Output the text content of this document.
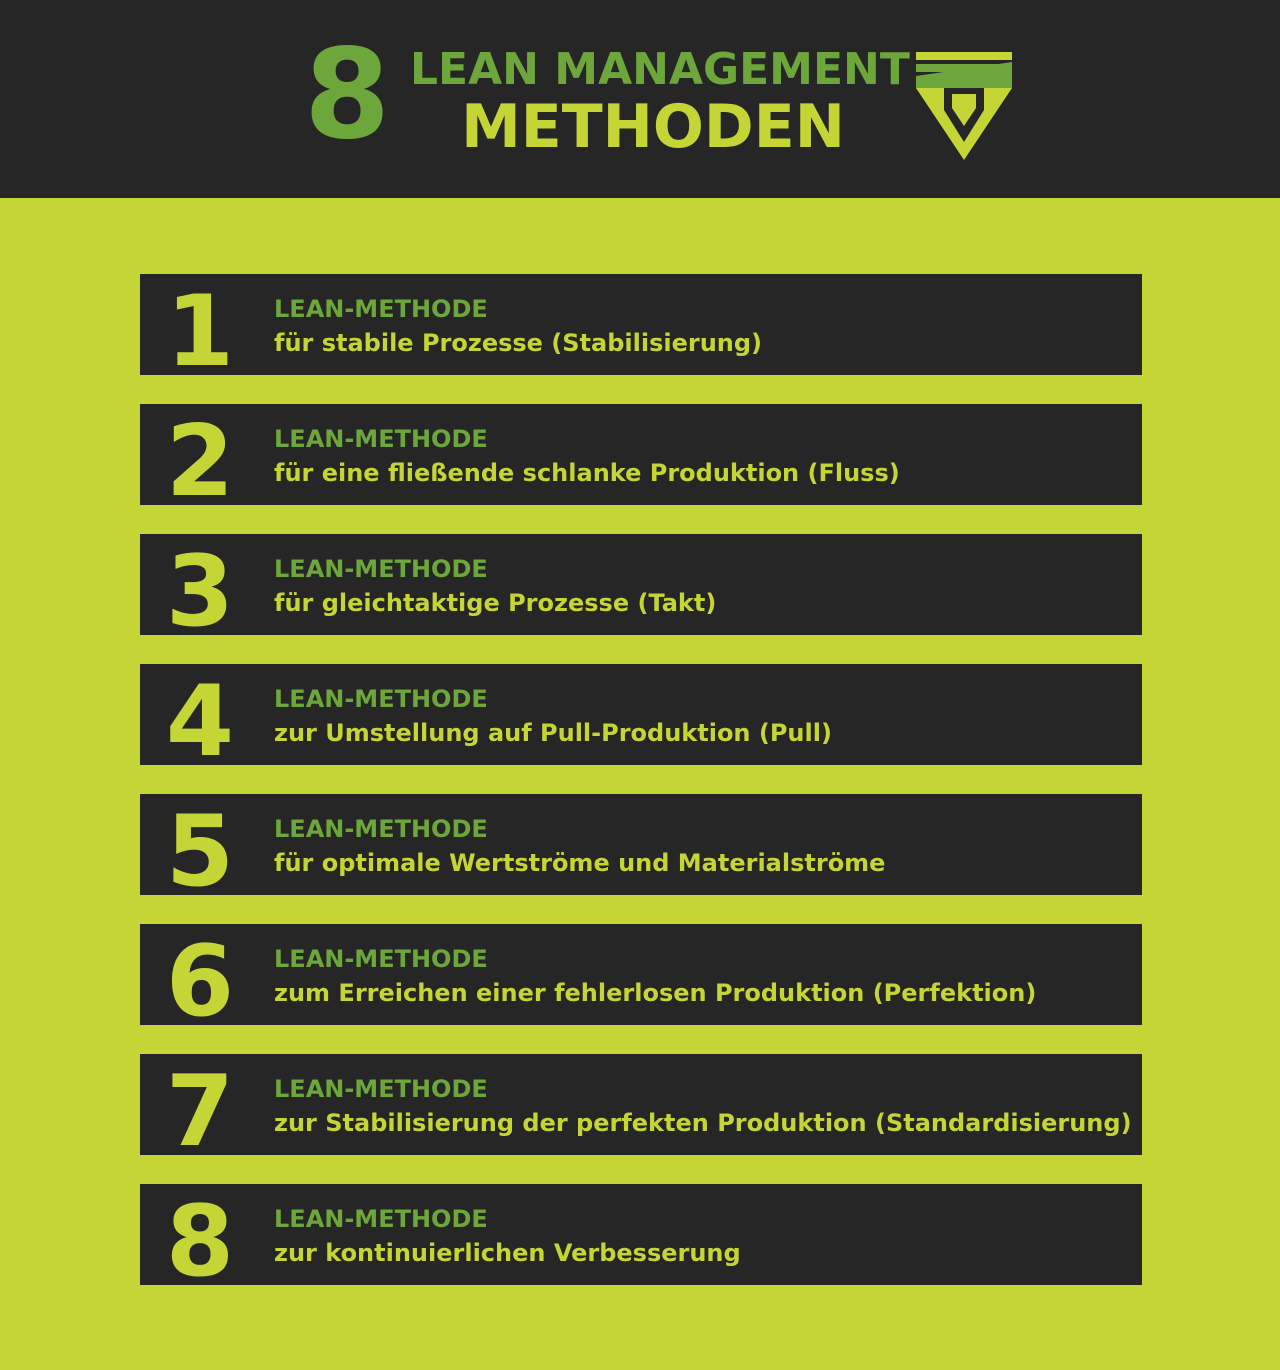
8 LEAN MANAGEMENT
METHODEN
1 LEAN-METHODE
für stabile Prozesse (Stabilisierung)
2 LEAN-METHODE
für eine fließende schlanke Produktion (Fluss)
3 LEAN-METHODE
für gleichtaktige Prozesse (Takt)
4 LEAN-METHODE
zur Umstellung auf Pull-Produktion (Pull)
5 LEAN-METHODE
für optimale Wertströme und Materialströme
6 LEAN-METHODE
zum Erreichen einer fehlerlosen Produktion (Perfektion)
7 LEAN-METHODE
zur Stabilisierung der perfekten Produktion (Standardisierung)
8 LEAN-METHODE
zur kontinuierlichen Verbesserung
